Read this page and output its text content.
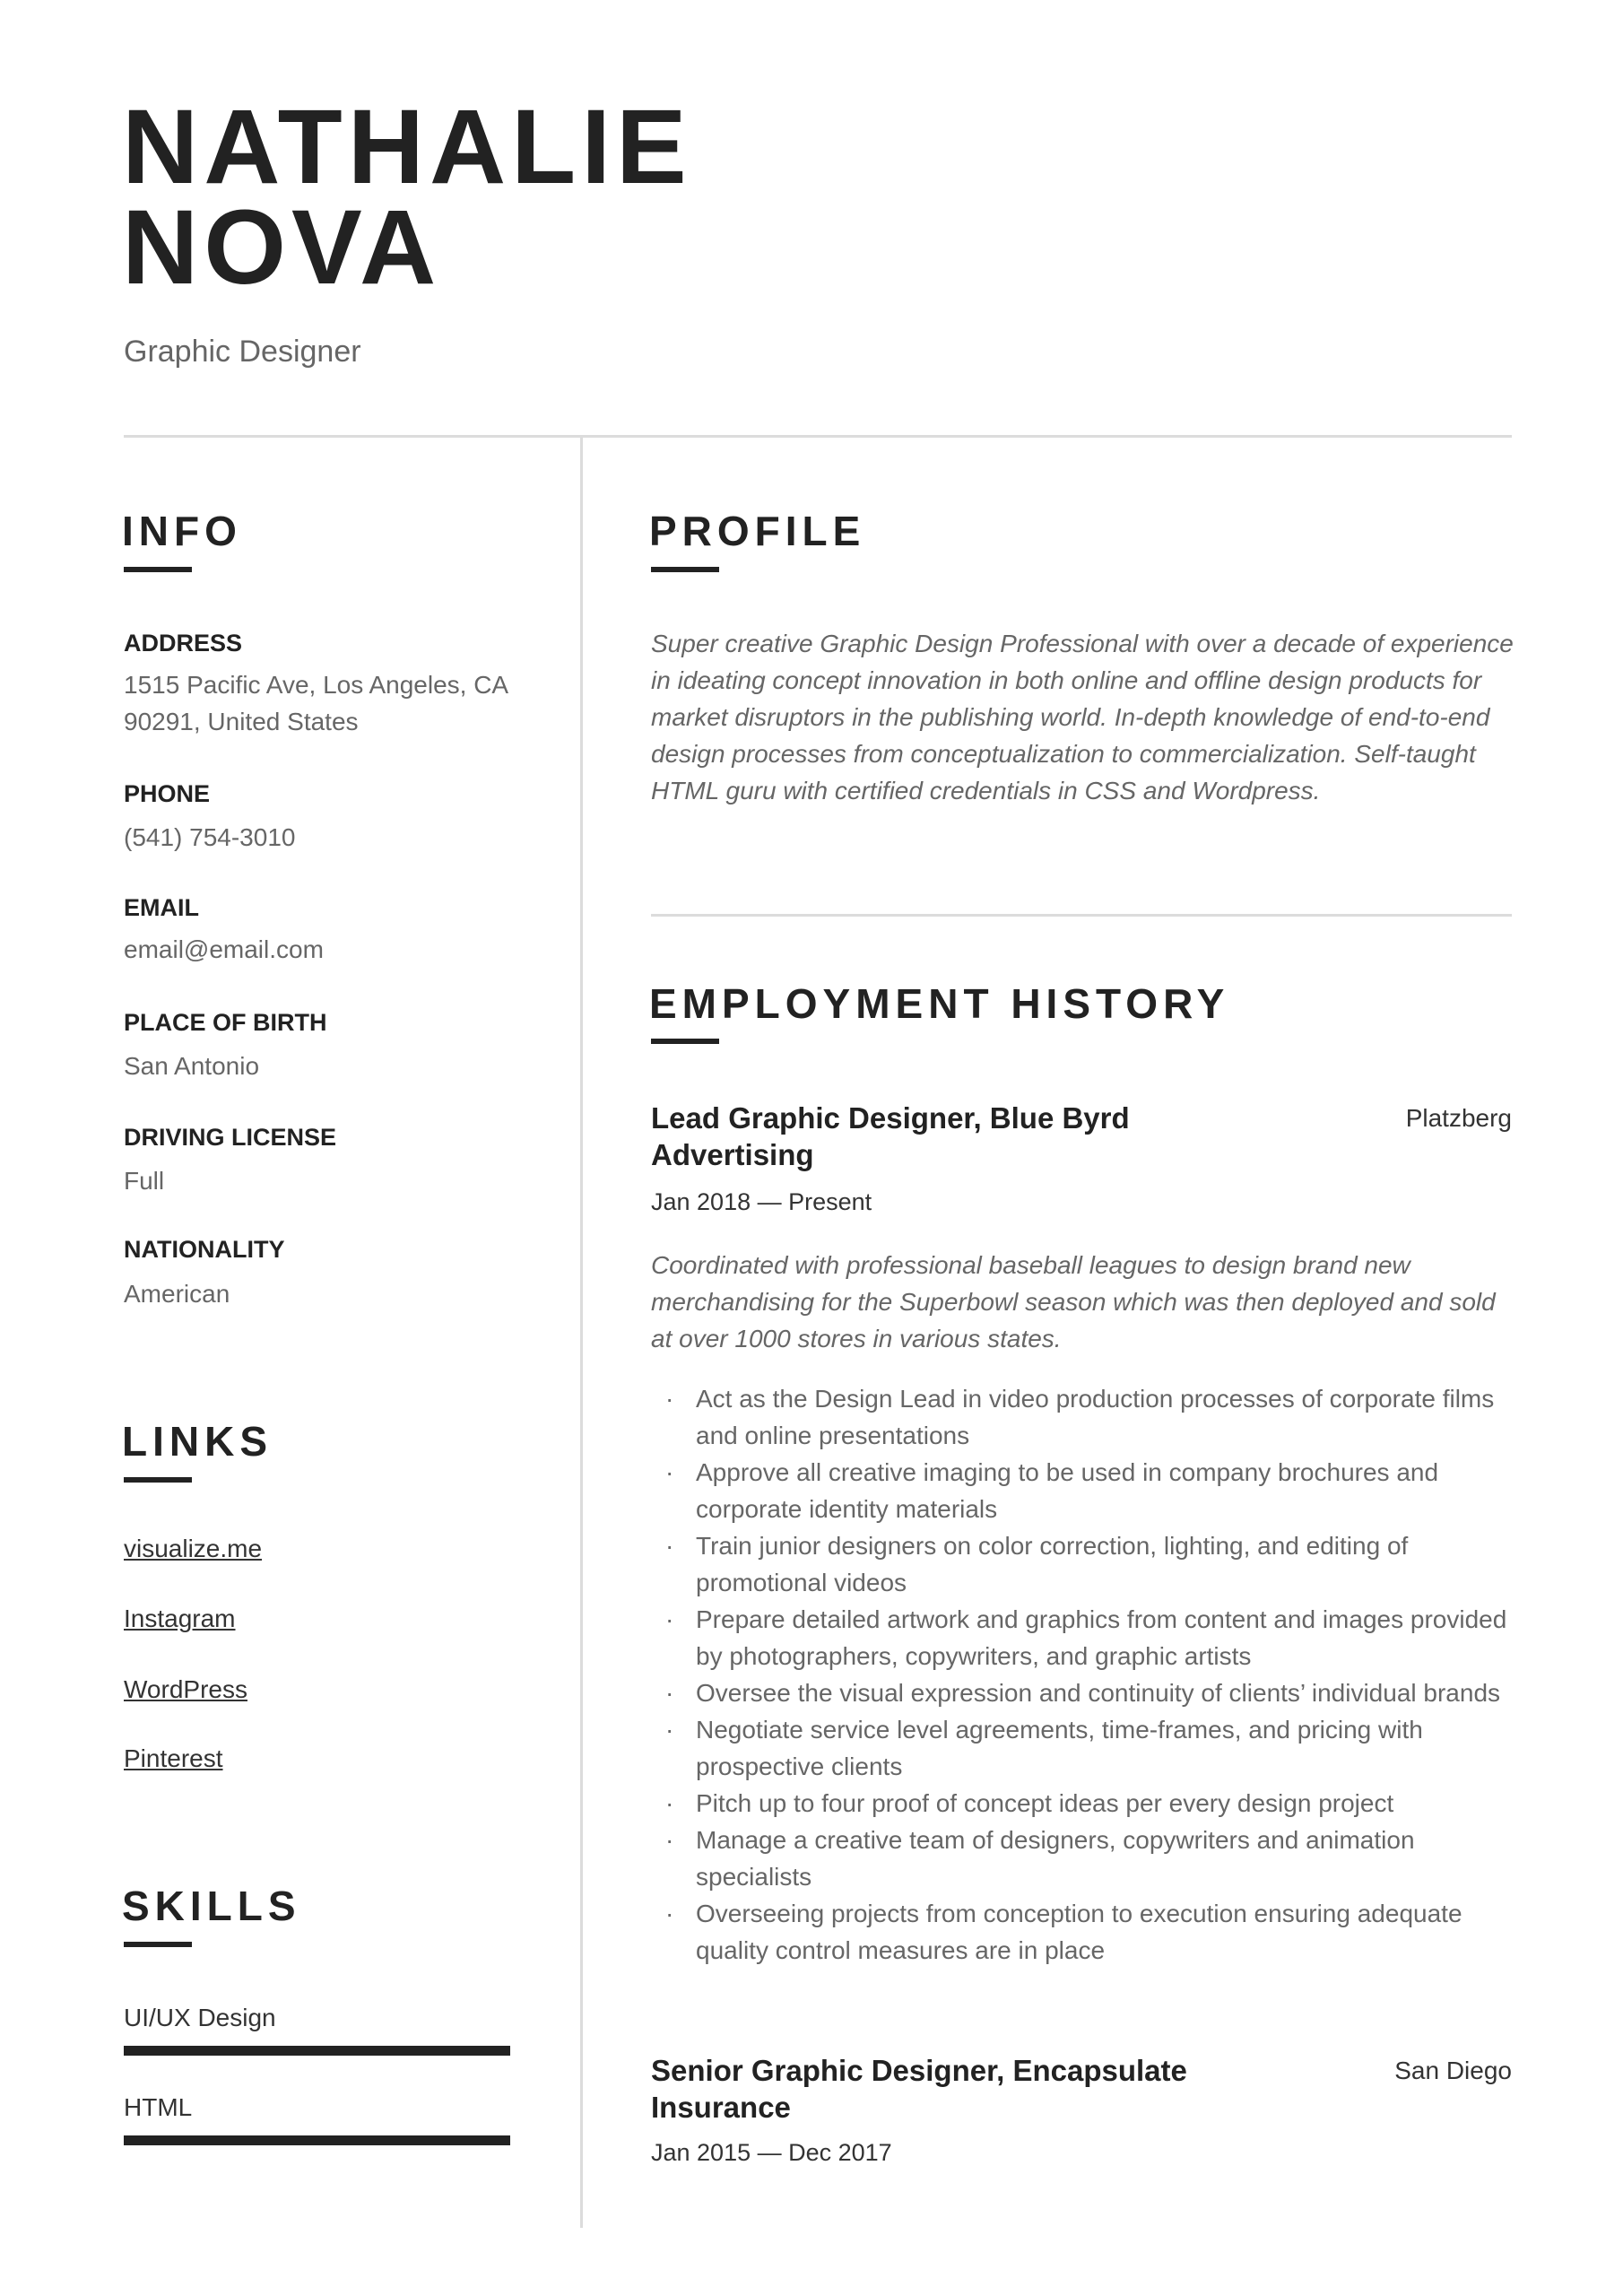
NATHALIE
NOVA
Graphic Designer
INFO
ADDRESS
1515 Pacific Ave, Los Angeles, CA 90291, United States
PHONE
(541) 754-3010
EMAIL
email@email.com
PLACE OF BIRTH
San Antonio
DRIVING LICENSE
Full
NATIONALITY
American
LINKS
visualize.me
Instagram
WordPress
Pinterest
SKILLS
UI/UX Design
HTML
PROFILE
Super creative Graphic Design Professional with over a decade of experience in ideating concept innovation in both online and offline design products for market disruptors in the publishing world. In-depth knowledge of end-to-end design processes from conceptualization to commercialization. Self-taught HTML guru with certified credentials in CSS and Wordpress.
EMPLOYMENT HISTORY
Lead Graphic Designer, Blue Byrd Advertising
Platzberg
Jan 2018 — Present
Coordinated with professional baseball leagues to design brand new merchandising for the Superbowl season which was then deployed and sold at over 1000 stores in various states.
· Act as the Design Lead in video production processes of corporate films and online presentations
· Approve all creative imaging to be used in company brochures and corporate identity materials
· Train junior designers on color correction, lighting, and editing of promotional videos
· Prepare detailed artwork and graphics from content and images provided by photographers, copywriters, and graphic artists
· Oversee the visual expression and continuity of clients’ individual brands
· Negotiate service level agreements, time-frames, and pricing with prospective clients
· Pitch up to four proof of concept ideas per every design project
· Manage a creative team of designers, copywriters and animation specialists
· Overseeing projects from conception to execution ensuring adequate quality control measures are in place
Senior Graphic Designer, Encapsulate Insurance
San Diego
Jan 2015 — Dec 2017
